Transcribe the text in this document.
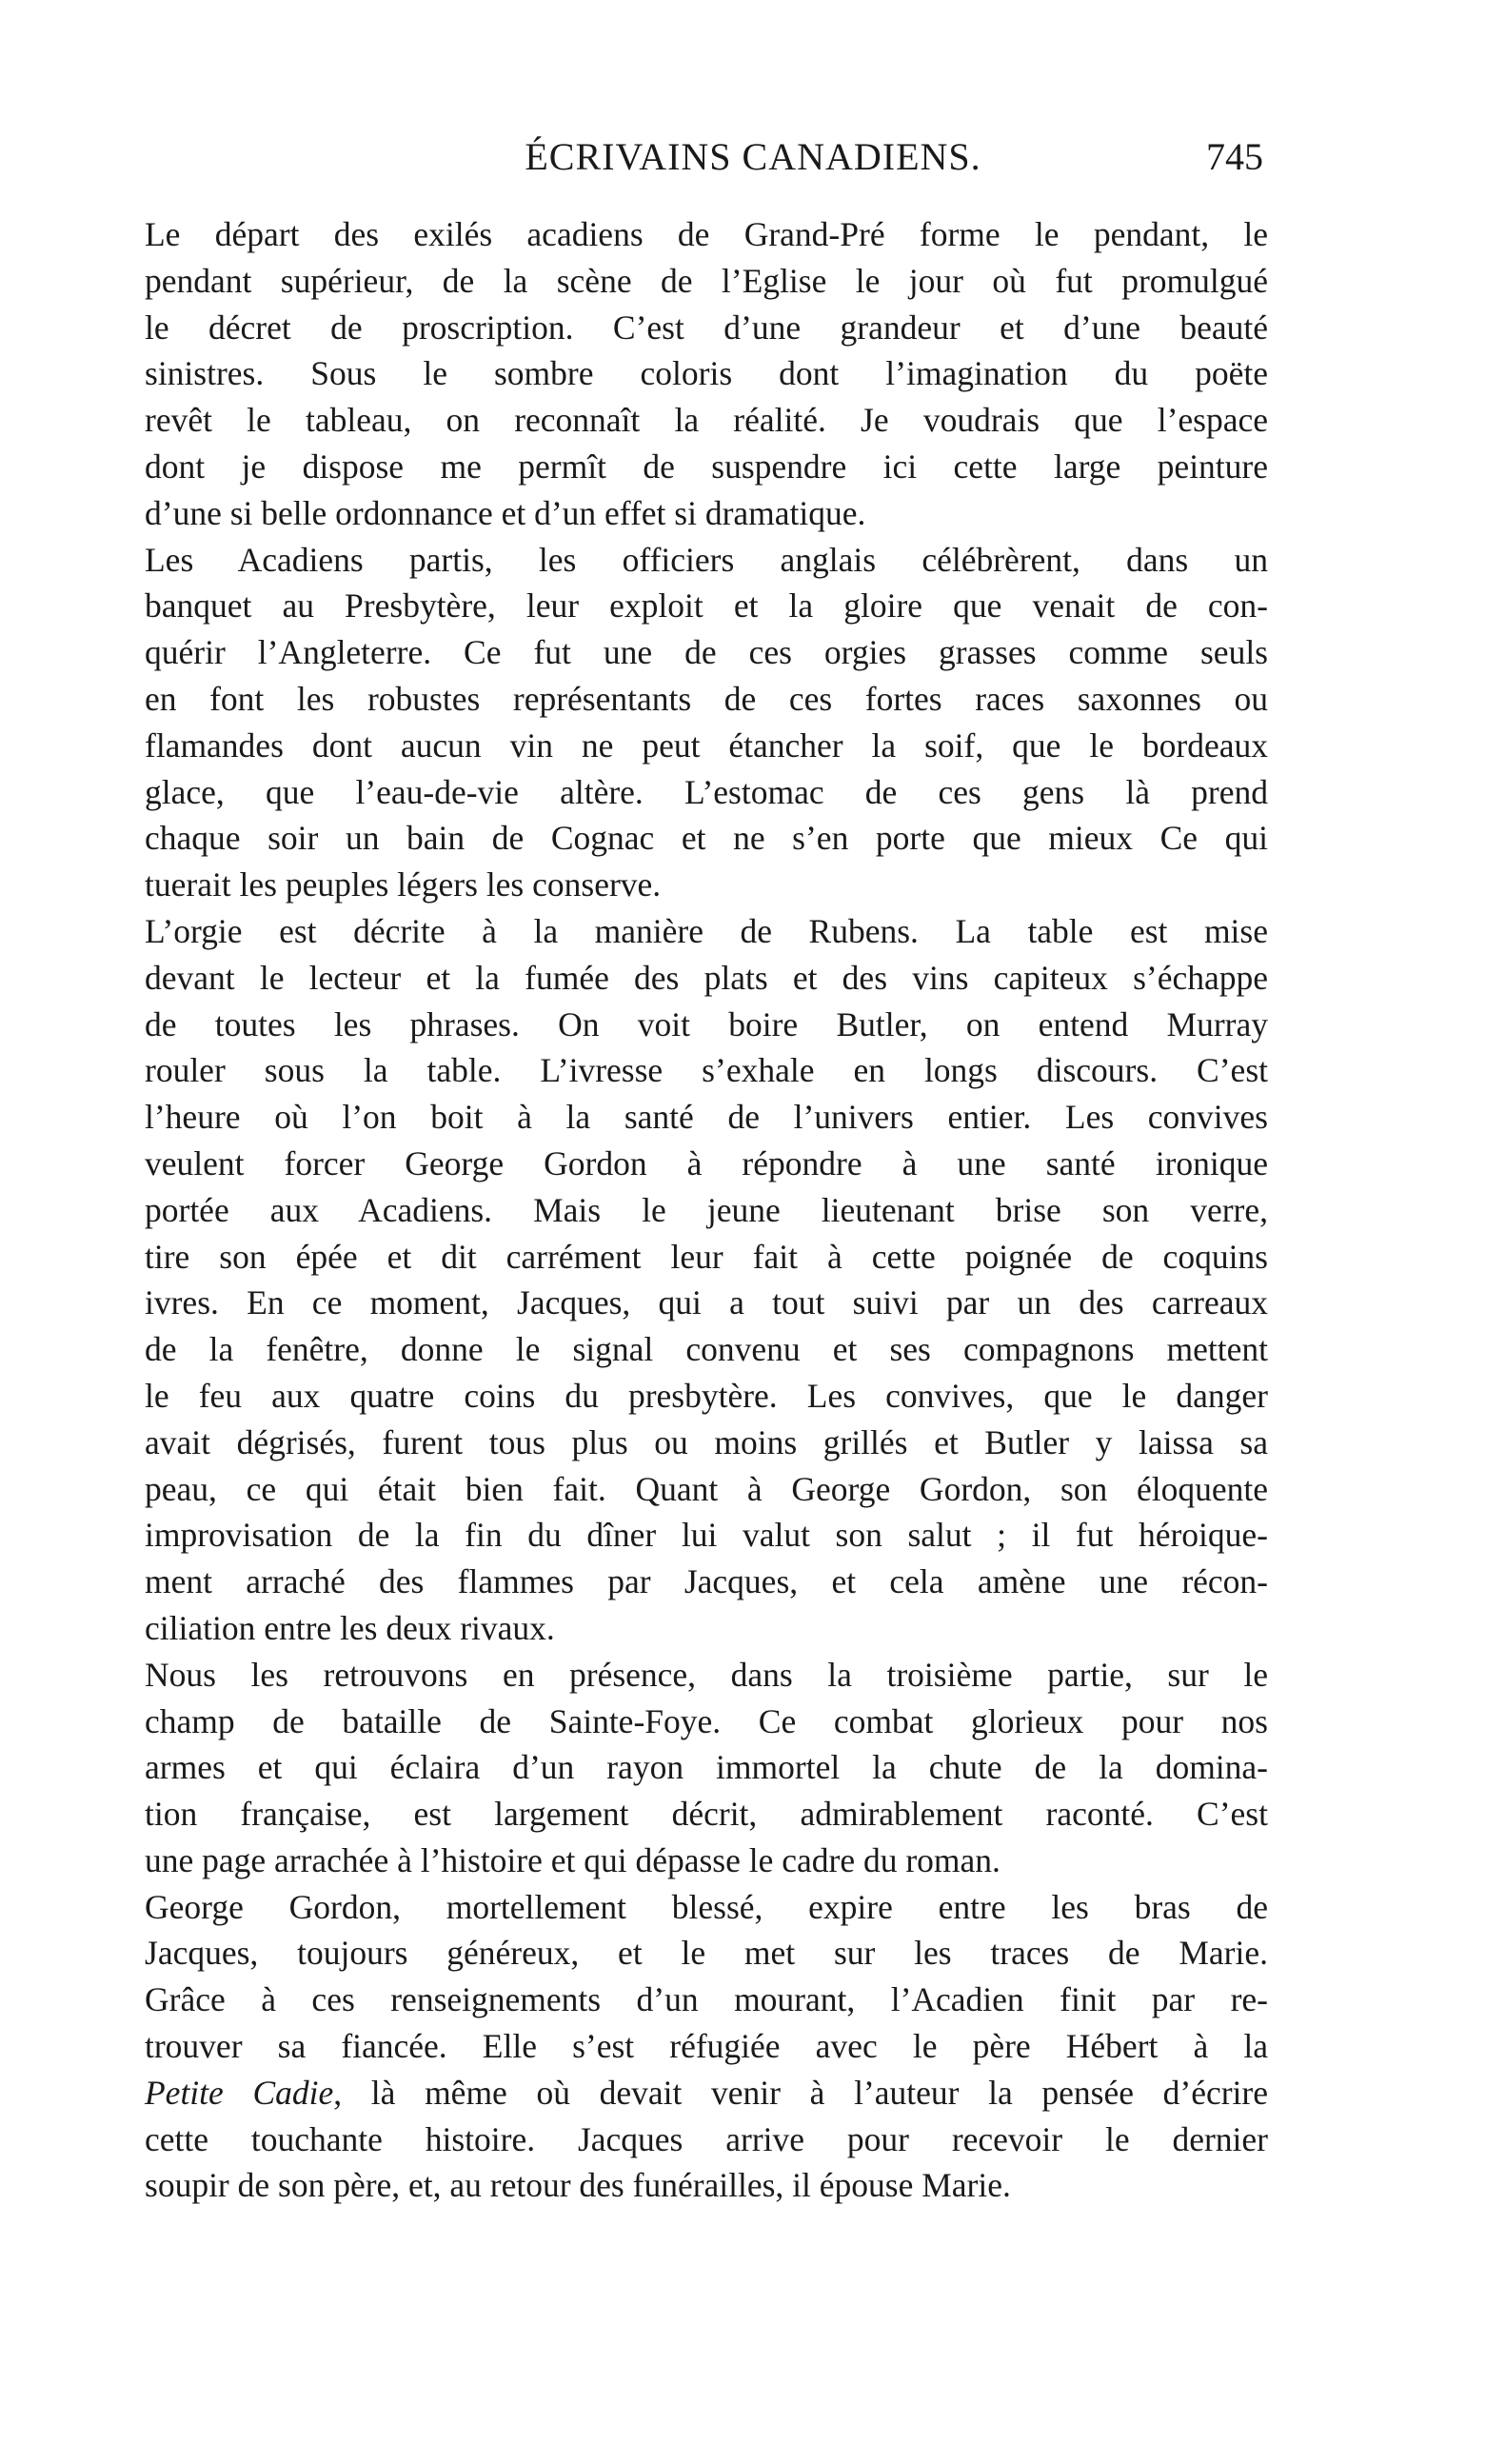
ÉCRIVAINS CANADIENS.	745

Le départ des exilés acadiens de Grand-Pré forme le pendant, le
pendant supérieur, de la scène de l’Eglise le jour où fut promulgué
le décret de proscription. C’est d’une grandeur et d’une beauté
sinistres. Sous le sombre coloris dont l’imagination du poëte
revêt le tableau, on reconnaît la réalité. Je voudrais que l’espace
dont je dispose me permît de suspendre ici cette large peinture
d’une si belle ordonnance et d’un effet si dramatique.

Les Acadiens partis, les officiers anglais célébrèrent, dans un
banquet au Presbytère, leur exploit et la gloire que venait de con-
quérir l’Angleterre. Ce fut une de ces orgies grasses comme seuls
en font les robustes représentants de ces fortes races saxonnes ou
flamandes dont aucun vin ne peut étancher la soif, que le bordeaux
glace, que l’eau-de-vie altère. L’estomac de ces gens là prend
chaque soir un bain de Cognac et ne s’en porte que mieux Ce qui
tuerait les peuples légers les conserve.

L’orgie est décrite à la manière de Rubens. La table est mise
devant le lecteur et la fumée des plats et des vins capiteux s’échappe
de toutes les phrases. On voit boire Butler, on entend Murray
rouler sous la table. L’ivresse s’exhale en longs discours. C’est
l’heure où l’on boit à la santé de l’univers entier. Les convives
veulent forcer George Gordon à répondre à une santé ironique
portée aux Acadiens. Mais le jeune lieutenant brise son verre,
tire son épée et dit carrément leur fait à cette poignée de coquins
ivres. En ce moment, Jacques, qui a tout suivi par un des carreaux
de la fenêtre, donne le signal convenu et ses compagnons mettent
le feu aux quatre coins du presbytère. Les convives, que le danger
avait dégrisés, furent tous plus ou moins grillés et Butler y laissa sa
peau, ce qui était bien fait. Quant à George Gordon, son éloquente
improvisation de la fin du dîner lui valut son salut ; il fut héroique-
ment arraché des flammes par Jacques, et cela amène une récon-
ciliation entre les deux rivaux.

Nous les retrouvons en présence, dans la troisième partie, sur le
champ de bataille de Sainte-Foye. Ce combat glorieux pour nos
armes et qui éclaira d’un rayon immortel la chute de la domina-
tion française, est largement décrit, admirablement raconté. C’est
une page arrachée à l’histoire et qui dépasse le cadre du roman.

George Gordon, mortellement blessé, expire entre les bras de
Jacques, toujours généreux, et le met sur les traces de Marie.
Grâce à ces renseignements d’un mourant, l’Acadien finit par re-
trouver sa fiancée. Elle s’est réfugiée avec le père Hébert à la
Petite Cadie, là même où devait venir à l’auteur la pensée d’écrire
cette touchante histoire. Jacques arrive pour recevoir le dernier
soupir de son père, et, au retour des funérailles, il épouse Marie.
